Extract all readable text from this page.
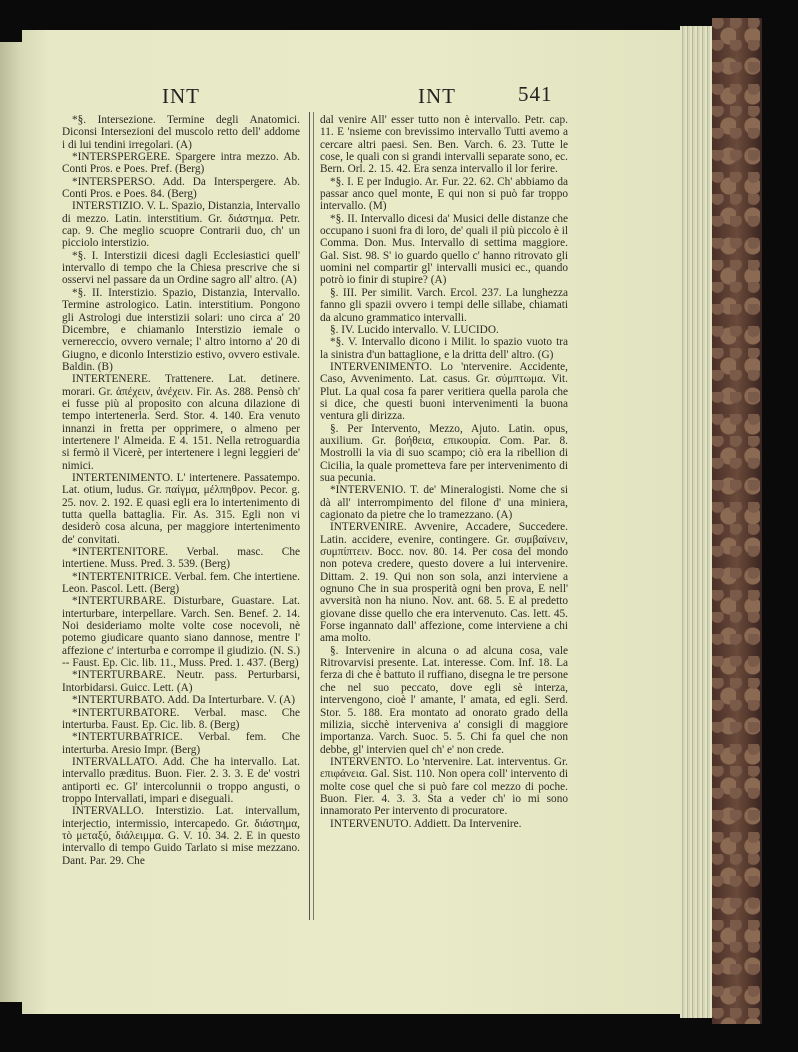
INT	INT	541

*§. Intersezione. Termine degli Anatomici. Diconsi Intersezioni del muscolo retto dell' addome i di lui tendini irregolari. (A)

*INTERSPERGERE. Spargere intra mezzo. Ab. Conti Pros. e Poes. Pref. (Berg)

*INTERSPERSO. Add. Da Interspergere. Ab. Conti Pros. e Poes. 84. (Berg)

INTERSTIZIO. V. L. Spazio, Distanzia, Intervallo di mezzo. Latin. interstitium. Gr. διάστημα. Petr. cap. 9. Che meglio scuopre Contrarii duo, ch' un picciolo interstizio.

*§. I. Interstizii dicesi dagli Ecclesiastici quell' intervallo di tempo che la Chiesa prescrive che si osservi nel passare da un Ordine sagro all' altro. (A)

*§. II. Interstizio. Spazio, Distanzia, Intervallo. Termine astrologico. Latin. interstitium. Pongono gli Astrologi due interstizii solari: uno circa a' 20 Dicembre, e chiamanlo Interstizio iemale o vernereccio, ovvero vernale; l' altro intorno a' 20 di Giugno, e diconlo Interstizio estivo, ovvero estivale. Baldin. (B)

INTERTENERE. Trattenere. Lat. detinere. morari. Gr. ἀπέχειν, ἀνέχειν. Fir. As. 288. Pensò ch' ei fusse più al proposito con alcuna dilazione di tempo intertenerla. Serd. Stor. 4. 140. Era venuto innanzi in fretta per opprimere, o almeno per intertenere l' Almeida. E 4. 151. Nella retroguardia si fermò il Vicerè, per intertenere i legni leggieri de' nimici.

INTERTENIMENTO. L' intertenere. Passatempo. Lat. otium, ludus. Gr. παίγμα, μέλπηθρον. Pecor. g. 25. nov. 2. 192. E quasi egli era lo intertenimento di tutta quella battaglia. Fir. As. 315. Egli non vi desiderò cosa alcuna, per maggiore intertenimento de' convitati.

*INTERTENITORE. Verbal. masc. Che intertiene. Muss. Pred. 3. 539. (Berg)

*INTERTENITRICE. Verbal. fem. Che intertiene. Leon. Pascol. Lett. (Berg)

*INTERTURBARE. Disturbare, Guastare. Lat. interturbare, interpellare. Varch. Sen. Benef. 2. 14. Noi desideriamo molte volte cose nocevoli, nè potemo giudicare quanto siano dannose, mentre l' affezione c' interturba e corrompe il giudizio. (N. S.) -- Faust. Ep. Cic. lib. 11., Muss. Pred. 1. 437. (Berg)

*INTERTURBARE. Neutr. pass. Perturbarsi, Intorbidarsi. Guicc. Lett. (A)

*INTERTURBATO. Add. Da Interturbare. V. (A)

*INTERTURBATORE. Verbal. masc. Che interturba. Faust. Ep. Cic. lib. 8. (Berg)

*INTERTURBATRICE. Verbal. fem. Che interturba. Aresio Impr. (Berg)

INTERVALLATO. Add. Che ha intervallo. Lat. intervallo præditus. Buon. Fier. 2. 3. 3. E de' vostri antiporti ec. Gl' intercolunnii o troppo angusti, o troppo Intervallati, impari e diseguali.

INTERVALLO. Interstizio. Lat. intervallum, interjectio, intermissio, intercapedo. Gr. διάστημα, τὸ μεταξύ, διάλειμμα. G. V. 10. 34. 2. E in questo intervallo di tempo Guido Tarlato si mise mezzano. Dant. Par. 29. Che

dal venire All' esser tutto non è intervallo. Petr. cap. 11. E 'nsieme con brevissimo intervallo Tutti avemo a cercare altri paesi. Sen. Ben. Varch. 6. 23. Tutte le cose, le quali con si grandi intervalli separate sono, ec. Bern. Orl. 2. 15. 42. Era senza intervallo il lor ferire.

*§. I. E per Indugio. Ar. Fur. 22. 62. Ch' abbiamo da passar anco quel monte, E qui non si può far troppo intervallo. (M)

*§. II. Intervallo dicesi da' Musici delle distanze che occupano i suoni fra di loro, de' quali il più piccolo è il Comma. Don. Mus. Intervallo di settima maggiore. Gal. Sist. 98. S' io guardo quello c' hanno ritrovato gli uomini nel compartir gl' intervalli musici ec., quando potrò io finir di stupire? (A)

§. III. Per similit. Varch. Ercol. 237. La lunghezza fanno gli spazii ovvero i tempi delle sillabe, chiamati da alcuno grammatico intervalli.

§. IV. Lucido intervallo. V. LUCIDO.

*§. V. Intervallo dicono i Milit. lo spazio vuoto tra la sinistra d'un battaglione, e la dritta dell' altro. (G)

INTERVENIMENTO. Lo 'ntervenire. Accidente, Caso, Avvenimento. Lat. casus. Gr. σύμπτωμα. Vit. Plut. La qual cosa fa parer veritiera quella parola che si dice, che questi buoni intervenimenti la buona ventura gli dirizza.

§. Per Intervento, Mezzo, Ajuto. Latin. opus, auxilium. Gr. βοήθεια, επικουρία. Com. Par. 8. Mostrolli la via di suo scampo; ciò era la ribellion di Cicilia, la quale prometteva fare per intervenimento di sua pecunia.

*INTERVENIO. T. de' Mineralogisti. Nome che si dà all' interrompimento del filone d' una miniera, cagionato da pietre che lo tramezzano. (A)

INTERVENIRE. Avvenire, Accadere, Succedere. Latin. accidere, evenire, contingere. Gr. συμβαίνειν, συμπίπτειν. Bocc. nov. 80. 14. Per cosa del mondo non poteva credere, questo dovere a lui intervenire. Dittam. 2. 19. Qui non son sola, anzi interviene a ognuno Che in sua prosperità ogni ben prova, E nell' avversità non ha niuno. Nov. ant. 68. 5. E al predetto giovane disse quello che era intervenuto. Cas. lett. 45. Forse ingannato dall' affezione, come interviene a chi ama molto.

§. Intervenire in alcuna o ad alcuna cosa, vale Ritrovarvisi presente. Lat. interesse. Com. Inf. 18. La ferza di che è battuto il ruffiano, disegna le tre persone che nel suo peccato, dove egli sè interza, intervengono, cioè l' amante, l' amata, ed egli. Serd. Stor. 5. 188. Era montato ad onorato grado della milizia, sicchè interveniva a' consigli di maggiore importanza. Varch. Suoc. 5. 5. Chi fa quel che non debbe, gl' intervien quel ch' e' non crede.

INTERVENTO. Lo 'ntervenire. Lat. interventus. Gr. επιφάνεια. Gal. Sist. 110. Non opera coll' intervento di molte cose quel che si può fare col mezzo di poche. Buon. Fier. 4. 3. 3. Sta a veder ch' io mi sono innamorato Per intervento di procuratore.

INTERVENUTO. Addiett. Da Intervenire.
